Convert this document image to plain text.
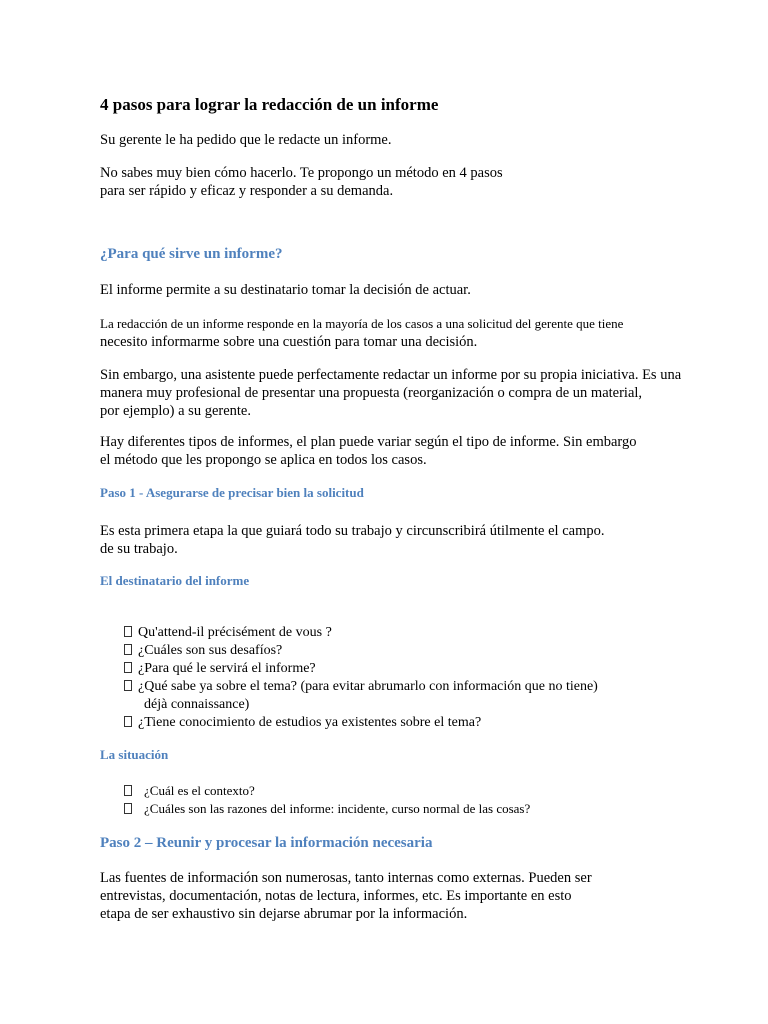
4 pasos para lograr la redacción de un informe

Su gerente le ha pedido que le redacte un informe.

No sabes muy bien cómo hacerlo. Te propongo un método en 4 pasos
para ser rápido y eficaz y responder a su demanda.

¿Para qué sirve un informe?

El informe permite a su destinatario tomar la decisión de actuar.

La redacción de un informe responde en la mayoría de los casos a una solicitud del gerente que tiene
necesito informarme sobre una cuestión para tomar una decisión.

Sin embargo, una asistente puede perfectamente redactar un informe por su propia iniciativa. Es una
manera muy profesional de presentar una propuesta (reorganización o compra de un material,
por ejemplo) a su gerente.

Hay diferentes tipos de informes, el plan puede variar según el tipo de informe. Sin embargo
el método que les propongo se aplica en todos los casos.

Paso 1 - Asegurarse de precisar bien la solicitud

Es esta primera etapa la que guiará todo su trabajo y circunscribirá útilmente el campo.
de su trabajo.

El destinatario del informe
Qu'attend-il précisément de vous ?
¿Cuáles son sus desafíos?
¿Para qué le servirá el informe?
¿Qué sabe ya sobre el tema? (para evitar abrumarlo con información que no tiene)
déjà connaissance)
¿Tiene conocimiento de estudios ya existentes sobre el tema?
La situación
¿Cuál es el contexto?
¿Cuáles son las razones del informe: incidente, curso normal de las cosas?
Paso 2 – Reunir y procesar la información necesaria

Las fuentes de información son numerosas, tanto internas como externas. Pueden ser
entrevistas, documentación, notas de lectura, informes, etc. Es importante en esto
etapa de ser exhaustivo sin dejarse abrumar por la información.
